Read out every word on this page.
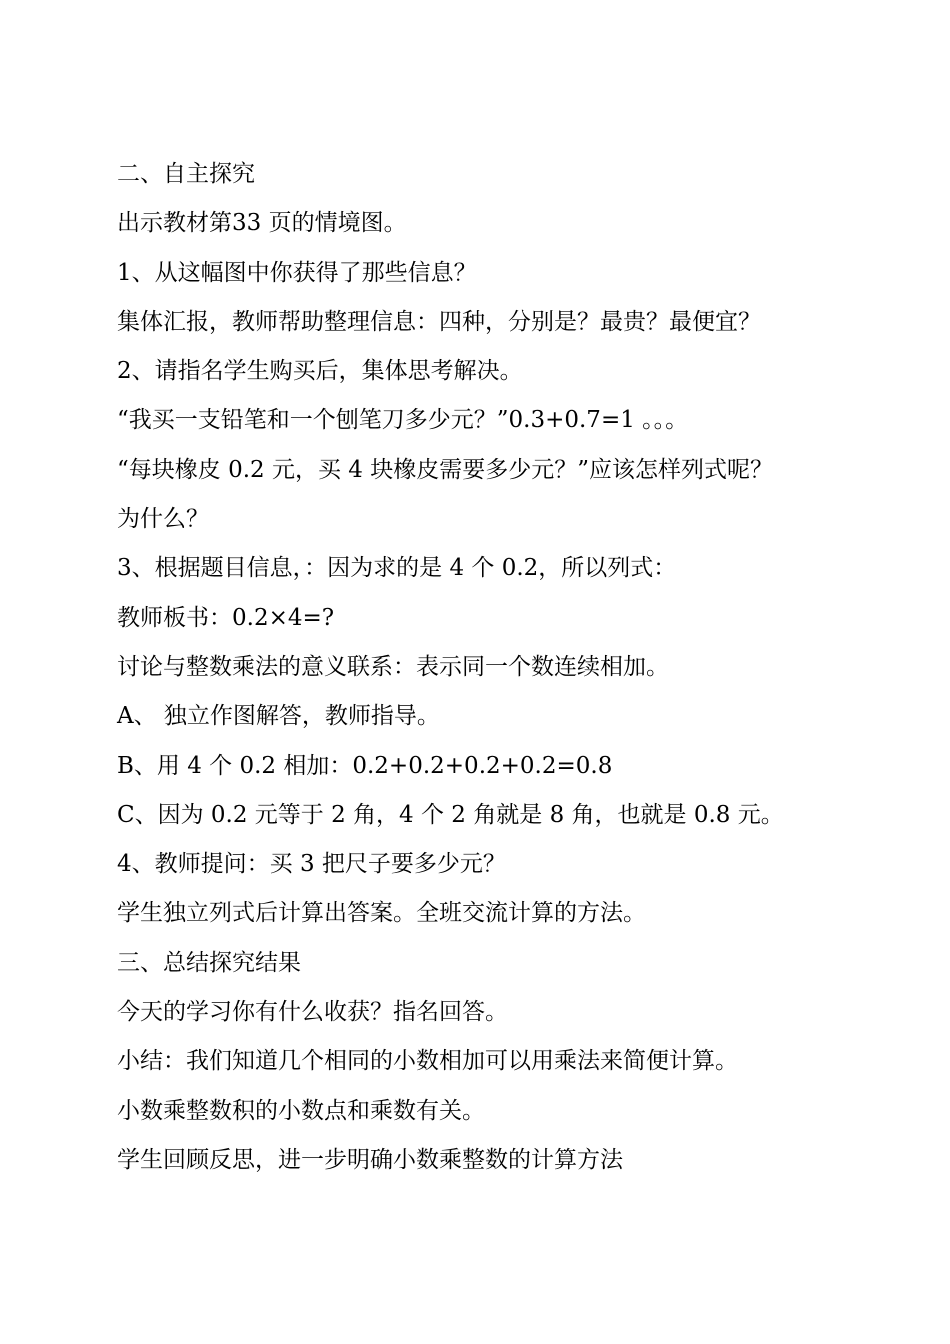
二、自主探究
出示教材第33 页的情境图。
1、从这幅图中你获得了那些信息？
集体汇报，教师帮助整理信息：四种，分别是？最贵？最便宜？
2、请指名学生购买后，集体思考解决。
“我买一支铅笔和一个刨笔刀多少元？”0.3+0.7=1 。。。
“每块橡皮 0.2 元，买 4 块橡皮需要多少元？”应该怎样列式呢？
为什么？
3、根据题目信息，：因为求的是 4 个 0.2，所以列式：
教师板书：0.2×4=?
讨论与整数乘法的意义联系：表示同一个数连续相加。
A、 独立作图解答，教师指导。
B、用 4 个 0.2 相加：0.2+0.2+0.2+0.2=0.8
C、因为 0.2 元等于 2 角，4 个 2 角就是 8 角，也就是 0.8 元。
4、教师提问：买 3 把尺子要多少元？
学生独立列式后计算出答案。全班交流计算的方法。
三、总结探究结果
今天的学习你有什么收获？指名回答。
小结：我们知道几个相同的小数相加可以用乘法来简便计算。
小数乘整数积的小数点和乘数有关。
学生回顾反思，进一步明确小数乘整数的计算方法
